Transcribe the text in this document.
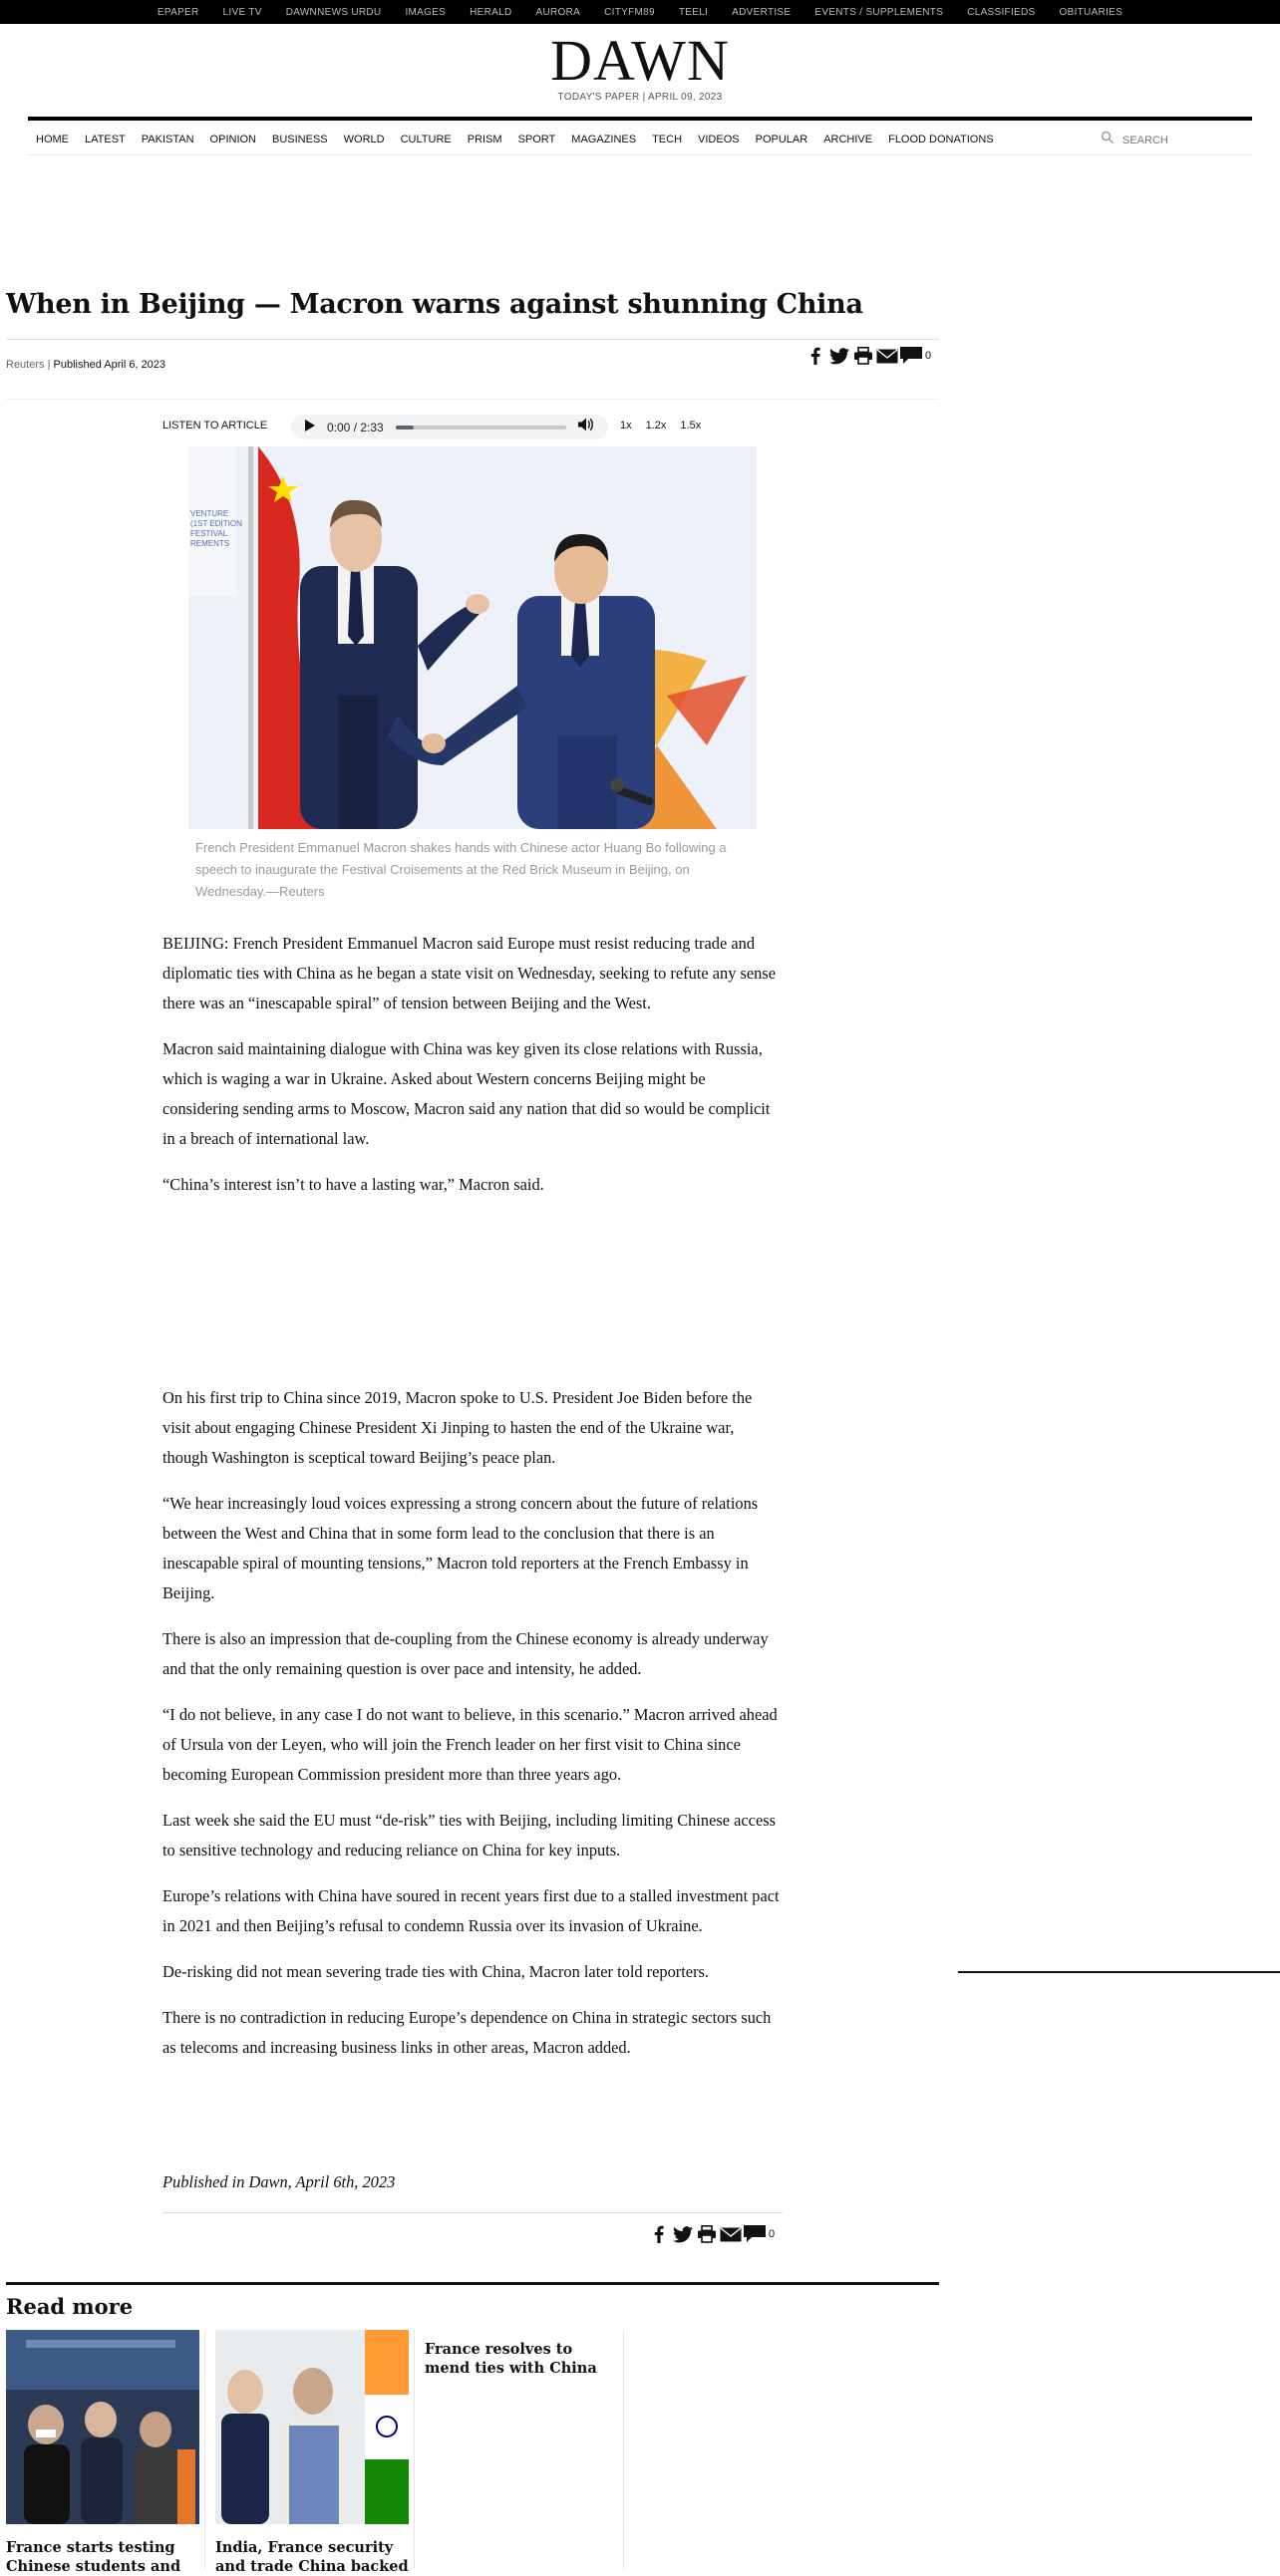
EPAPER	LIVE TV	DAWNNEWS URDU	IMAGES	HERALD	AURORA	CITYFM89	TEELI	ADVERTISE	EVENTS / SUPPLEMENTS	CLASSIFIEDS	OBITUARIES
DAWN
TODAY'S PAPER | APRIL 09, 2023
HOME	LATEST	PAKISTAN	OPINION	BUSINESS	WORLD	CULTURE	PRISM	SPORT	MAGAZINES	TECH	VIDEOS	POPULAR	ARCHIVE	FLOOD DONATIONS
SEARCH
When in Beijing — Macron warns against shunning China
Reuters | Published April 6, 2023
0
LISTEN TO ARTICLE	0:00 / 2:33	1x 1.2x 1.5x
VENTURE
(1ST EDITION
FESTIVAL
REMENTS
French President Emmanuel Macron shakes hands with Chinese actor Huang Bo following a speech to inaugurate the Festival Croisements at the Red Brick Museum in Beijing, on Wednesday.—Reuters

BEIJING: French President Emmanuel Macron said Europe must resist reducing trade and diplomatic ties with China as he began a state visit on Wednesday, seeking to refute any sense there was an “inescapable spiral” of tension between Beijing and the West.

Macron said maintaining dialogue with China was key given its close relations with Russia, which is waging a war in Ukraine. Asked about Western concerns Beijing might be considering sending arms to Moscow, Macron said any nation that did so would be complicit in a breach of international law.

“China’s interest isn’t to have a lasting war,” Macron said.

On his first trip to China since 2019, Macron spoke to U.S. President Joe Biden before the visit about engaging Chinese President Xi Jinping to hasten the end of the Ukraine war, though Washington is sceptical toward Beijing’s peace plan.

“We hear increasingly loud voices expressing a strong concern about the future of relations between the West and China that in some form lead to the conclusion that there is an inescapable spiral of mounting tensions,” Macron told reporters at the French Embassy in Beijing.

There is also an impression that de-coupling from the Chinese economy is already underway and that the only remaining question is over pace and intensity, he added.

“I do not believe, in any case I do not want to believe, in this scenario.” Macron arrived ahead of Ursula von der Leyen, who will join the French leader on her first visit to China since becoming European Commission president more than three years ago.

Last week she said the EU must “de-risk” ties with Beijing, including limiting Chinese access to sensitive technology and reducing reliance on China for key inputs.

Europe’s relations with China have soured in recent years first due to a stalled investment pact in 2021 and then Beijing’s refusal to condemn Russia over its invasion of Ukraine.

De-risking did not mean severing trade ties with China, Macron later told reporters.

There is no contradiction in reducing Europe’s dependence on China in strategic sectors such as telecoms and increasing business links in other areas, Macron added.

Published in Dawn, April 6th, 2023

0
Read more
France starts testing Chinese students and
India, France security and trade China backed
France resolves to mend ties with China
